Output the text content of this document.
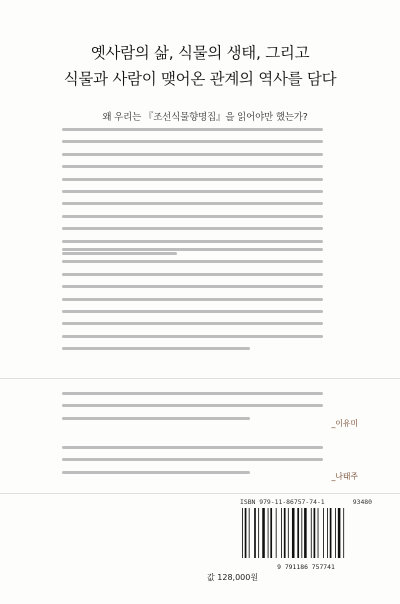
옛사람의 삶, 식물의 생태, 그리고
식물과 사람이 맺어온 관계의 역사를 담다
왜 우리는 『조선식물향명집』을 읽어야만 했는가?
_이유미
_나태주
ISBN 979-11-86757-74-1	93480
9 791186 757741
값 128,000원
